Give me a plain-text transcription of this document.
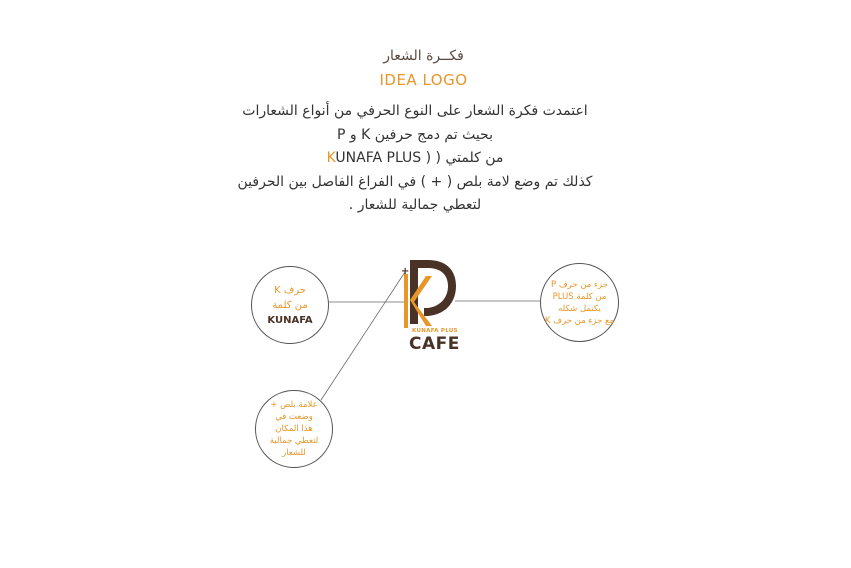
فكــرة الشعار
IDEA LOGO
اعتمدت فكرة الشعار على النوع الحرفي من أنواع الشعارات
بحيث تم دمج حرفين K و P
من كلمتي ( KUNAFA PLUS )
كذلك تم وضع لامة بلص ( + ) في الفراغ الفاصل بين الحرفين
لتعطي جمالية للشعار .
+
KUNAFA PLUS
CAFE
حرف K
من كلمة
KUNAFA
جزء من حرف P
من كلمة PLUS
يكتمل شكله
مع جزء من حرف K
علامة بلص +
وضعت في
هذا المكان
لتعطي جمالية
للشعار
